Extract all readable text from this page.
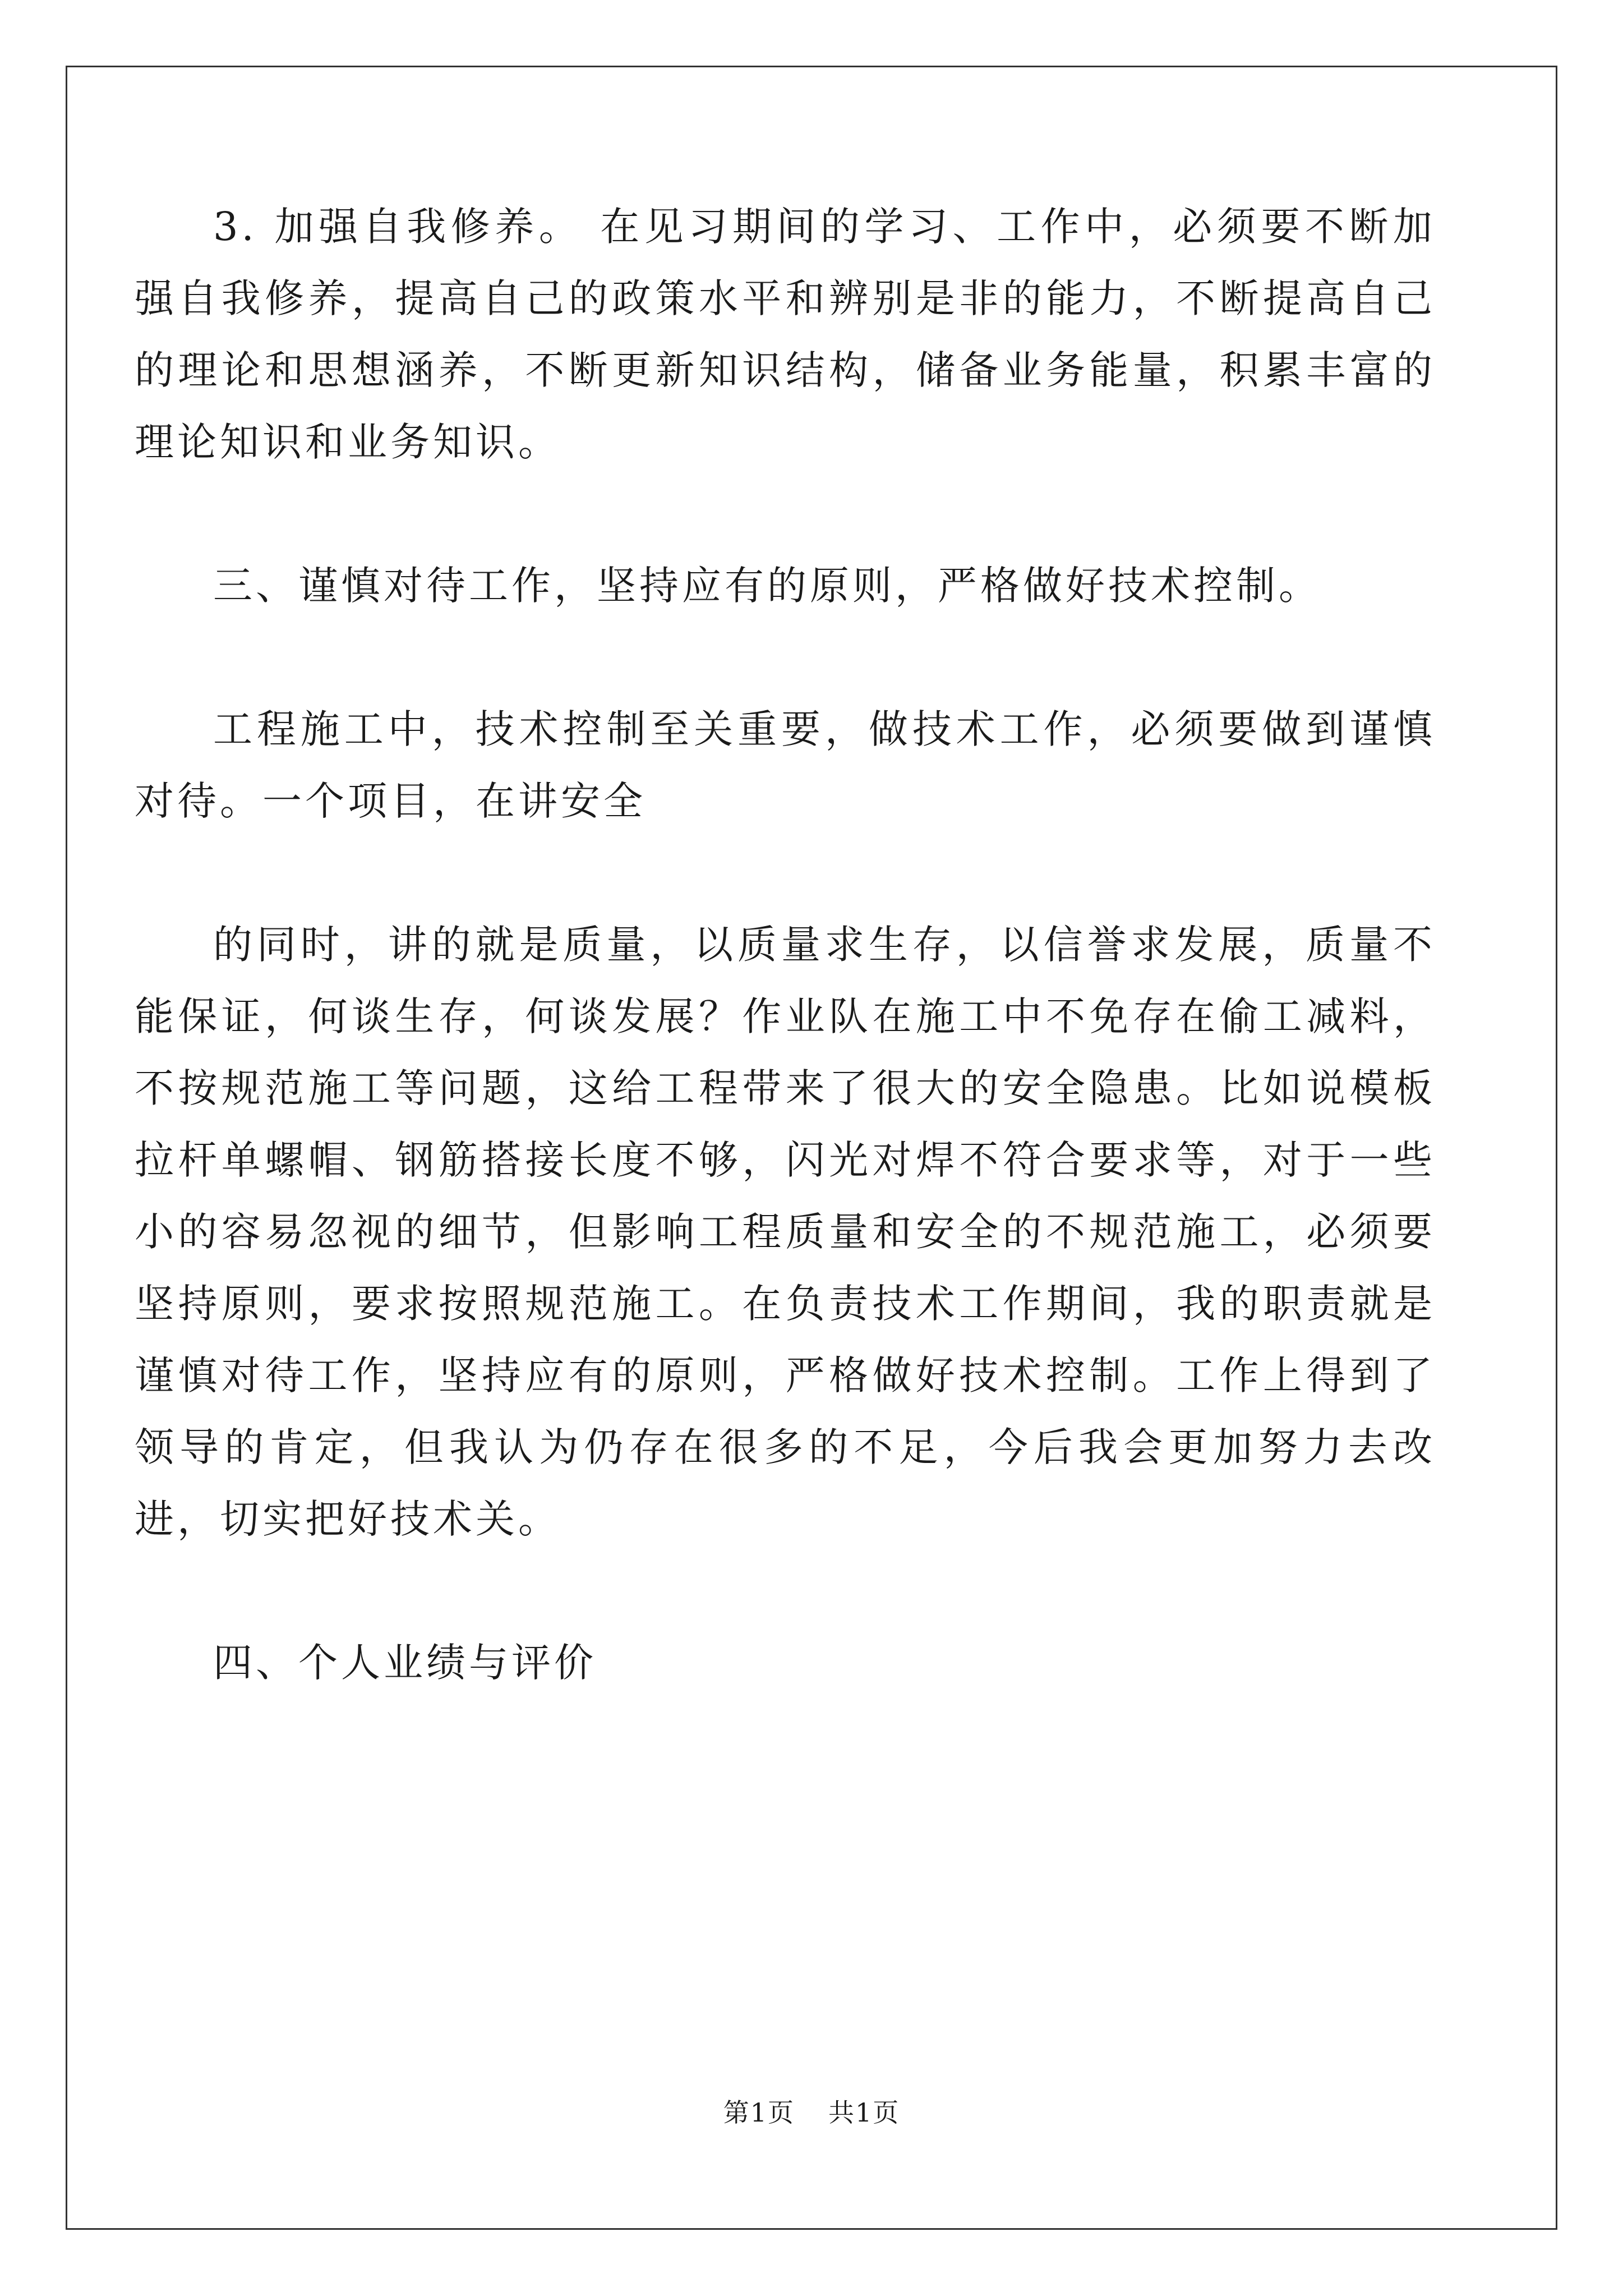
3. 加强自我修养。 在见习期间的学习、工作中，必须要不断加强自我修养，提高自己的政策水平和辨别是非的能力，不断提高自己的理论和思想涵养，不断更新知识结构，储备业务能量，积累丰富的理论知识和业务知识。

三、谨慎对待工作，坚持应有的原则，严格做好技术控制。

工程施工中，技术控制至关重要，做技术工作，必须要做到谨慎对待。一个项目，在讲安全

的同时，讲的就是质量，以质量求生存，以信誉求发展，质量不能保证，何谈生存，何谈发展？作业队在施工中不免存在偷工减料，不按规范施工等问题，这给工程带来了很大的安全隐患。比如说模板拉杆单螺帽、钢筋搭接长度不够，闪光对焊不符合要求等，对于一些小的容易忽视的细节，但影响工程质量和安全的不规范施工，必须要坚持原则，要求按照规范施工。在负责技术工作期间，我的职责就是谨慎对待工作，坚持应有的原则，严格做好技术控制。工作上得到了领导的肯定，但我认为仍存在很多的不足，今后我会更加努力去改进，切实把好技术关。

四、个人业绩与评价

第1页 共1页
